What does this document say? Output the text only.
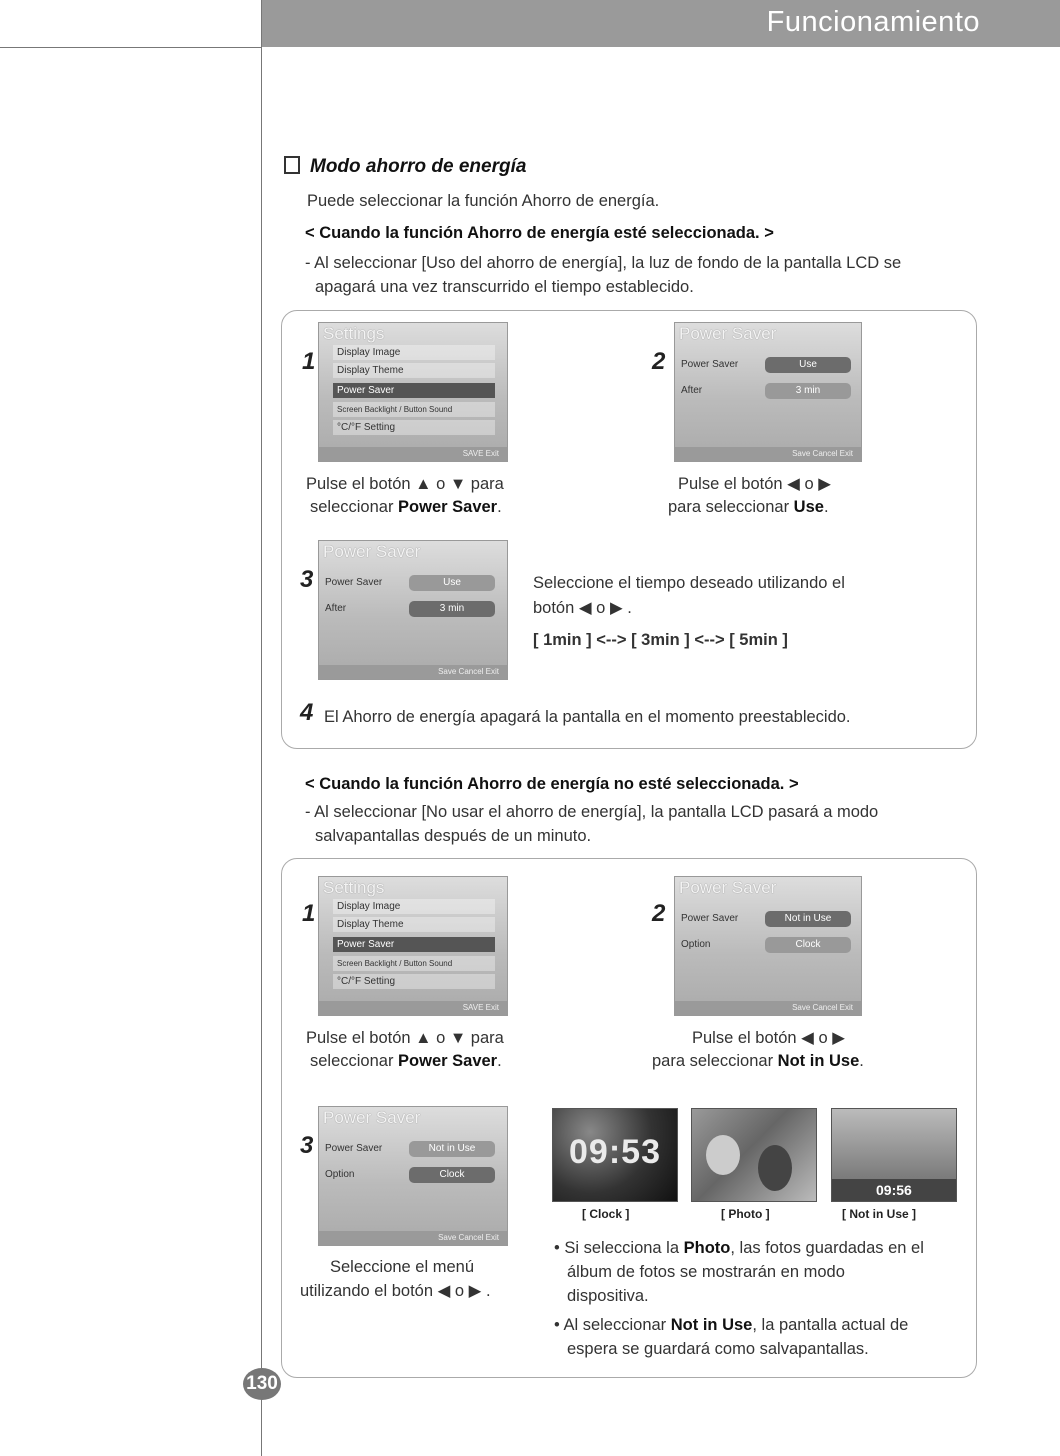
Funcionamiento
Modo ahorro de energía
Puede seleccionar la función Ahorro de energía.
< Cuando la función Ahorro de energía esté seleccionada. >
- Al seleccionar [Uso del ahorro de energía], la luz de fondo de la pantalla LCD se
apagará una vez transcurrido el tiempo establecido.
1
Settings
Display Image
Display Theme
Power Saver
Screen Backlight / Button Sound
°C/°F Setting
SAVE Exit
Pulse el botón ▲ o ▼ para
seleccionar Power Saver.
2
Power Saver
Power Saver	Use
After	3 min
Save Cancel Exit
Pulse el botón ◀ o ▶
para seleccionar Use.
3
Power Saver
Power Saver	Use
After	3 min
Save Cancel Exit
Seleccione el tiempo deseado utilizando el
botón ◀ o ▶ .
[ 1min ] <--> [ 3min ] <--> [ 5min ]
4 El Ahorro de energía apagará la pantalla en el momento preestablecido.
< Cuando la función Ahorro de energía no esté seleccionada. >
- Al seleccionar [No usar el ahorro de energía], la pantalla LCD pasará a modo
salvapantallas después de un minuto.
1
Settings
Display Image
Display Theme
Power Saver
Screen Backlight / Button Sound
°C/°F Setting
SAVE Exit
Pulse el botón ▲ o ▼ para
seleccionar Power Saver.
2
Power Saver
Power Saver	Not in Use
Option	Clock
Save Cancel Exit
Pulse el botón ◀ o ▶
para seleccionar Not in Use.
3
Power Saver
Power Saver	Not in Use
Option	Clock
Save Cancel Exit
Seleccione el menú
utilizando el botón ◀ o ▶ .
09:53
[ Clock ]	[ Photo ]
09:56
[ Not in Use ]
• Si selecciona la Photo, las fotos guardadas en el
álbum de fotos se mostrarán en modo
dispositiva.
• Al seleccionar Not in Use, la pantalla actual de
espera se guardará como salvapantallas.
130
